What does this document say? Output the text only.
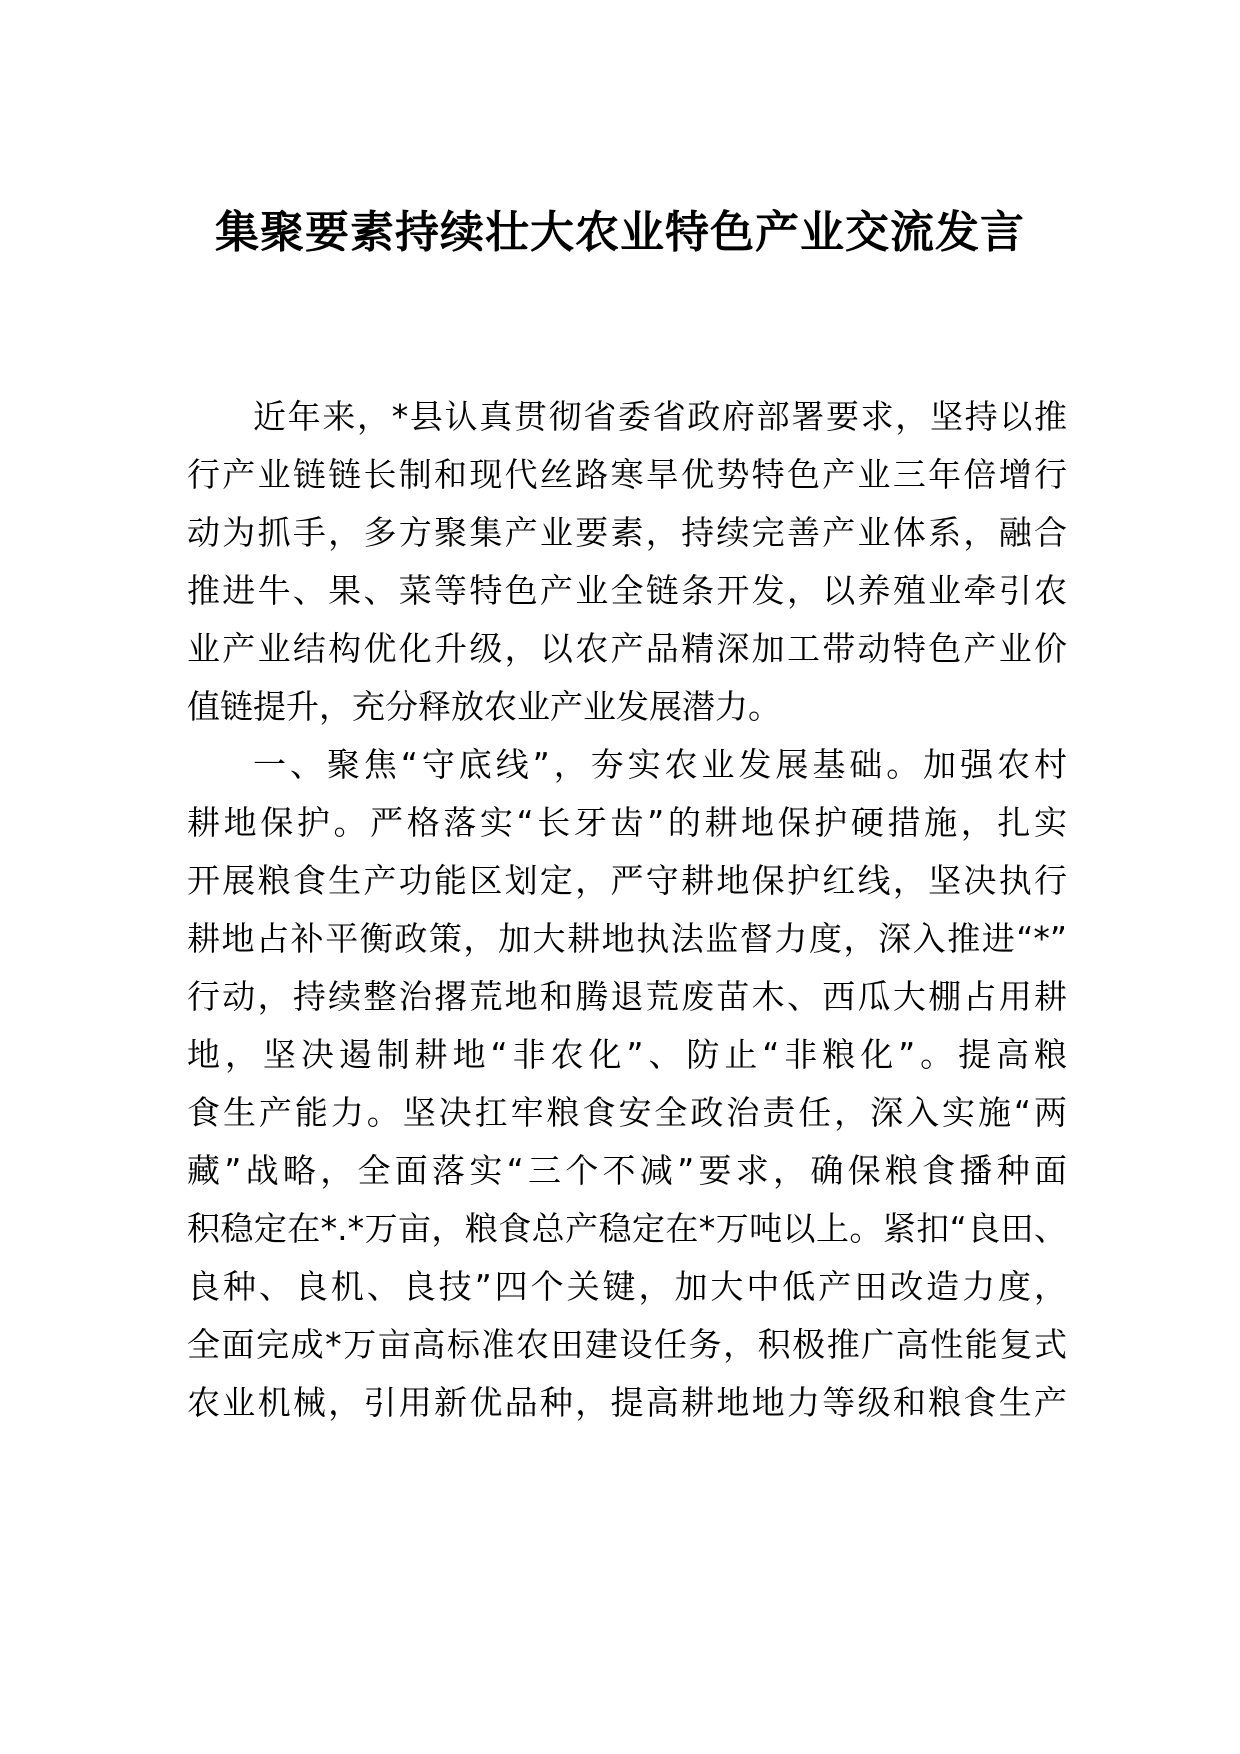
集聚要素持续壮大农业特色产业交流发言

近年来，*县认真贯彻省委省政府部署要求，坚持以推

行产业链链长制和现代丝路寒旱优势特色产业三年倍增行

动为抓手，多方聚集产业要素，持续完善产业体系，融合

推进牛、果、菜等特色产业全链条开发，以养殖业牵引农

业产业结构优化升级，以农产品精深加工带动特色产业价

值链提升，充分释放农业产业发展潜力。

一、聚焦“守底线”，夯实农业发展基础。加强农村

耕地保护。严格落实“长牙齿”的耕地保护硬措施，扎实

开展粮食生产功能区划定，严守耕地保护红线，坚决执行

耕地占补平衡政策，加大耕地执法监督力度，深入推进“*”

行动，持续整治撂荒地和腾退荒废苗木、西瓜大棚占用耕

地，坚决遏制耕地“非农化”、防止“非粮化”。提高粮

食生产能力。坚决扛牢粮食安全政治责任，深入实施“两

藏”战略，全面落实“三个不减”要求，确保粮食播种面

积稳定在*.*万亩，粮食总产稳定在*万吨以上。紧扣“良田、

良种、良机、良技”四个关键，加大中低产田改造力度，

全面完成*万亩高标准农田建设任务，积极推广高性能复式

农业机械，引用新优品种，提高耕地地力等级和粮食生产
